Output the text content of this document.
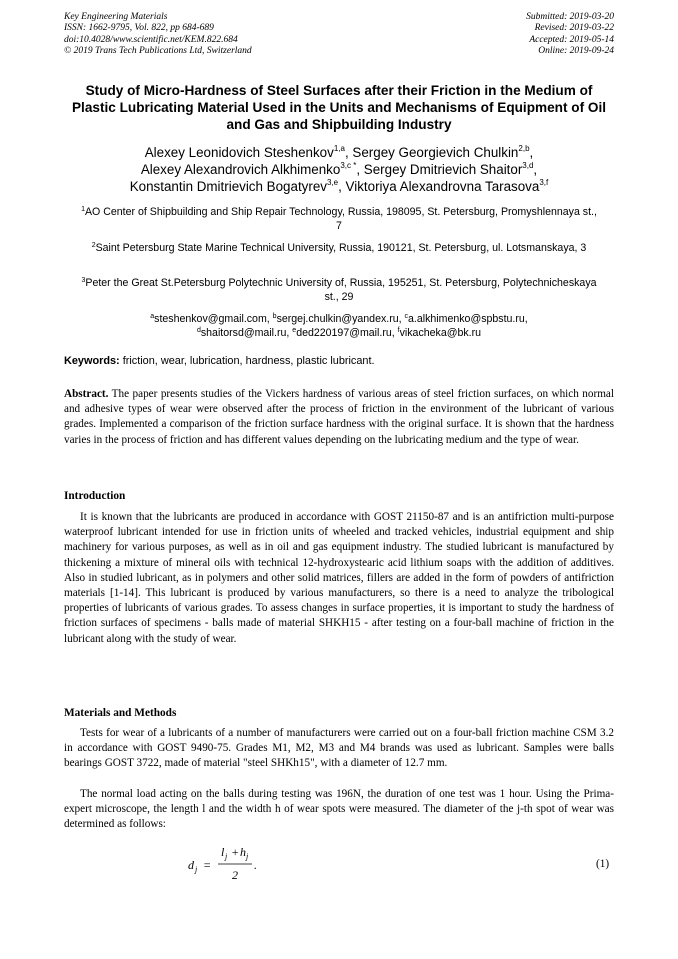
Key Engineering Materials
ISSN: 1662-9795, Vol. 822, pp 684-689
doi:10.4028/www.scientific.net/KEM.822.684
© 2019 Trans Tech Publications Ltd, Switzerland
Submitted: 2019-03-20
Revised: 2019-03-22
Accepted: 2019-05-14
Online: 2019-09-24
Study of Micro-Hardness of Steel Surfaces after their Friction in the Medium of Plastic Lubricating Material Used in the Units and Mechanisms of Equipment of Oil and Gas and Shipbuilding Industry
Alexey Leonidovich Steshenkov$^{1,a}$, Sergey Georgievich Chulkin$^{2,b}$,
Alexey Alexandrovich Alkhimenko$^{3,c *}$, Sergey Dmitrievich Shaitor$^{3,d}$,
Konstantin Dmitrievich Bogatyrev$^{3,e}$, Viktoriya Alexandrovna Tarasova$^{3,f}$
$^1$AO Center of Shipbuilding and Ship Repair Technology, Russia, 198095, St. Petersburg, Promyshlennaya st., 7
$^2$Saint Petersburg State Marine Technical University, Russia, 190121, St. Petersburg, ul. Lotsmanskaya, 3
$^3$Peter the Great St.Petersburg Polytechnic University of, Russia, 195251, St. Petersburg, Polytechnicheskaya st., 29
$^a$steshenkov@gmail.com, $^b$sergej.chulkin@yandex.ru, $^c$a.alkhimenko@spbstu.ru,
$^d$shaitorsd@mail.ru, $^e$ded220197@mail.ru, $^f$vikacheka@bk.ru
Keywords: friction, wear, lubrication, hardness, plastic lubricant.
Abstract. The paper presents studies of the Vickers hardness of various areas of steel friction surfaces, on which normal and adhesive types of wear were observed after the process of friction in the environment of the lubricant of various grades. Implemented a comparison of the friction surface hardness with the original surface. It is shown that the hardness varies in the process of friction and has different values depending on the lubricating medium and the type of wear.
Introduction
It is known that the lubricants are produced in accordance with GOST 21150-87 and is an antifriction multi-purpose waterproof lubricant intended for use in friction units of wheeled and tracked vehicles, industrial equipment and ship machinery for various purposes, as well as in oil and gas equipment industry. The studied lubricant is manufactured by thickening a mixture of mineral oils with technical 12-hydroxystearic acid lithium soaps with the addition of additives. Also in studied lubricant, as in polymers and other solid matrices, fillers are added in the form of powders of antifriction materials [1-14]. This lubricant is produced by various manufacturers, so there is a need to analyze the tribological properties of lubricants of various grades. To assess changes in surface properties, it is important to study the hardness of friction surfaces of specimens - balls made of material SHKH15 - after testing on a four-ball machine of friction in the lubricant along with the study of wear.
Materials and Methods
Tests for wear of a lubricants of a number of manufacturers were carried out on a four-ball friction machine CSM 3.2 in accordance with GOST 9490-75. Grades M1, M2, M3 and M4 brands was used as lubricant. Samples were balls bearings GOST 3722, made of material "steel SHKh15", with a diameter of 12.7 mm.
The normal load acting on the balls during testing was 196N, the duration of one test was 1 hour. Using the Prima-expert microscope, the length l and the width h of wear spots were measured. The diameter of the j-th spot of wear was determined as follows:
d j =
l j + h j
2
.	(1)
